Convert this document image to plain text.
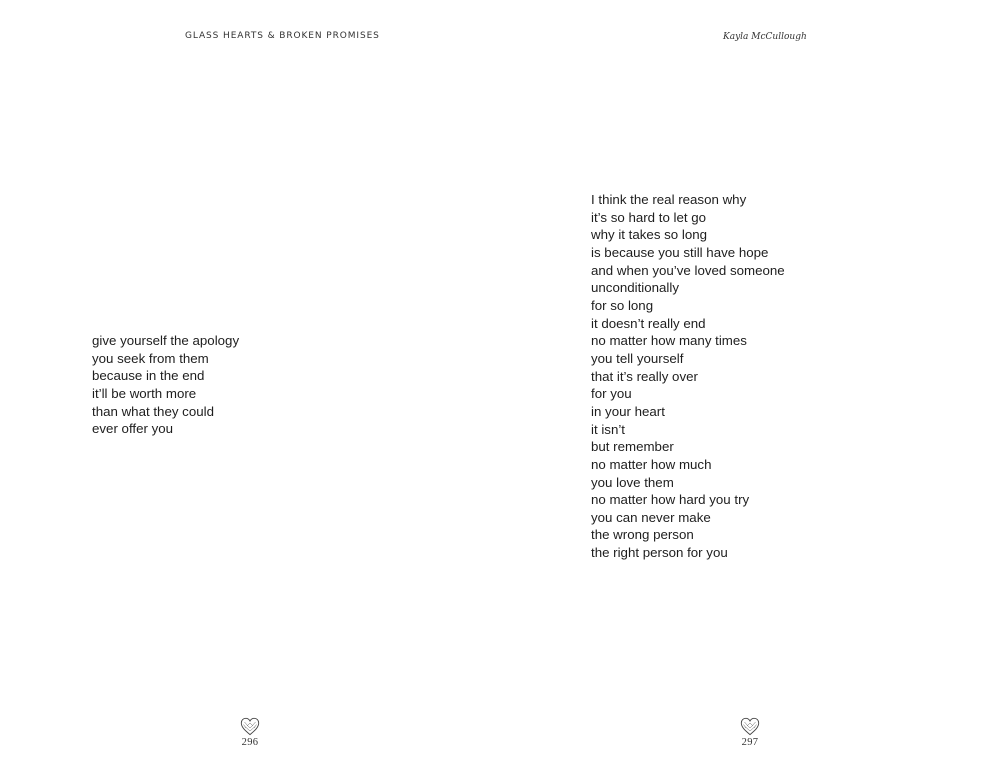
GLASS HEARTS & BROKEN PROMISES
give yourself the apology
you seek from them
because in the end
it’ll be worth more
than what they could
ever offer you
296
Kayla McCullough
I think the real reason why
it’s so hard to let go
why it takes so long
is because you still have hope
and when you’ve loved someone
unconditionally
for so long
it doesn’t really end
no matter how many times
you tell yourself
that it’s really over
for you
in your heart
it isn’t
but remember
no matter how much
you love them
no matter how hard you try
you can never make
the wrong person
the right person for you
297
